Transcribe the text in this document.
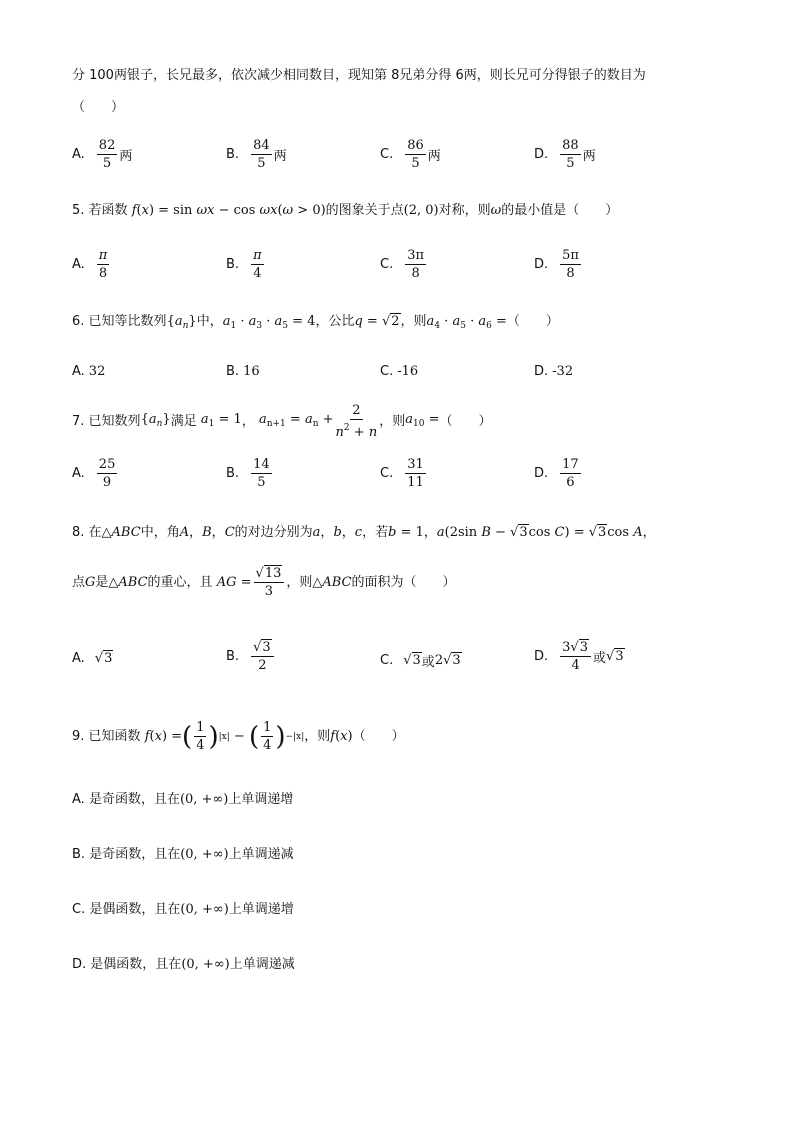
分 100两银子，长兄最多，依次减少相同数目，现知第 8兄弟分得 6两，则长兄可分得银子的数目为
（　　）
A. $\frac{82}{5}$ 两	B. $\frac{84}{5}$ 两	C. $\frac{86}{5}$ 两	D. $\frac{88}{5}$ 两
5. 若函数 f(x) = sin ωx − cos ωx(ω > 0)的图象关于点(2, 0)对称，则ω的最小值是（　　）
A. $\frac{\pi}{8}$	B. $\frac{\pi}{4}$	C. $\frac{3\pi}{8}$	D. $\frac{5\pi}{8}$
6. 已知等比数列$\{a_n\}$中，$a_1 \cdot a_3 \cdot a_5 = 4$，公比q = √2，则$a_4 \cdot a_5 \cdot a_6$ =（　　）
A. 32	B. 16	C. -16	D. -32
7.
已知数列 $\{a_n\}$ 满足 $a_1 = 1$ ， $a_{n+1} = a_n + \frac{2}{n^2 + n}$ ，则 $a_{10}$ = （　　）
A. $\frac{25}{9}$	B. $\frac{14}{5}$	C. $\frac{31}{11}$	D. $\frac{17}{6}$
8. 在△ABC中，角A，B，C的对边分别为a，b，c，若b = 1，a(2sin B − √3cos C) = √3cos A，
点 G 是△ ABC 的重心，且 AG = $\frac{√13}{3}$ ，则△ ABC 的面积为（　　）
A. √3	B. $\frac{√3}{2}$	C. √3 或 2√3	D. $\frac{3√3}{4}$ 或 √3
9.
已知函数 f(x) = ( $\frac{1}{4}$ ) |x| − ( $\frac{1}{4}$ ) −|x| ，则 f(x) （　　）
A. 是奇函数，且在(0, +∞)上单调递增
B. 是奇函数，且在(0, +∞)上单调递减
C. 是偶函数，且在(0, +∞)上单调递增
D. 是偶函数，且在(0, +∞)上单调递减
